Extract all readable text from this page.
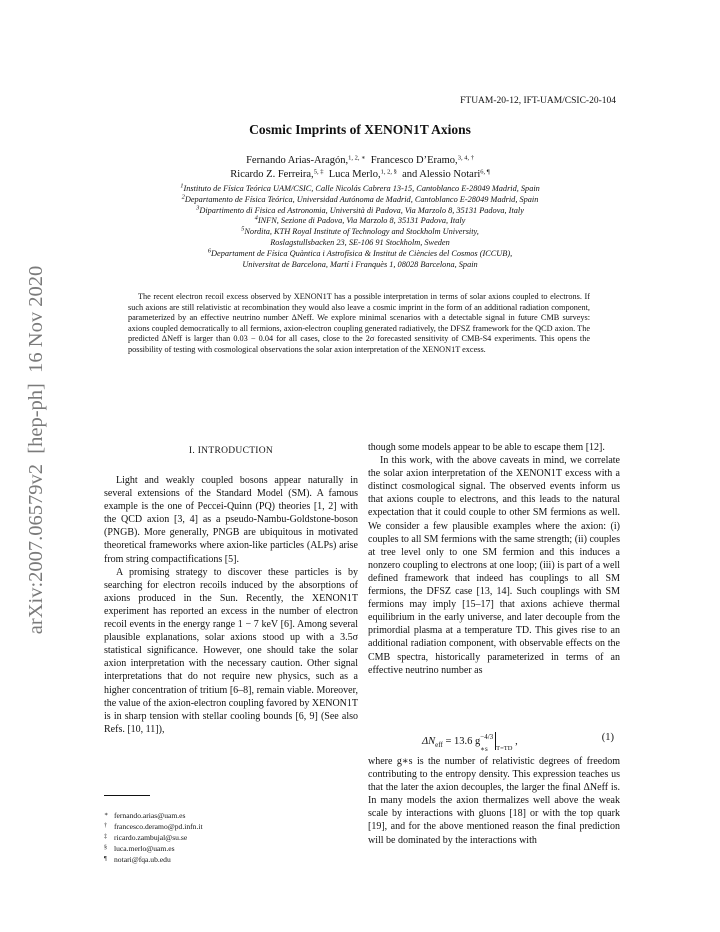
arXiv:2007.06579v2  [hep-ph]  16 Nov 2020
FTUAM-20-12, IFT-UAM/CSIC-20-104
Cosmic Imprints of XENON1T Axions
Fernando Arias-Aragón,$^{1, 2, ∗}$ Francesco D’Eramo,$^{3, 4, \dagger}$
Ricardo Z. Ferreira,$^{5, \ddagger}$ Luca Merlo,$^{1, 2, \S}$ and Alessio Notari$^{6, \P}$
$^1$Instituto de Física Teórica UAM/CSIC, Calle Nicolás Cabrera 13-15, Cantoblanco E-28049 Madrid, Spain
$^2$Departamento de Física Teórica, Universidad Autónoma de Madrid, Cantoblanco E-28049 Madrid, Spain
$^3$Dipartimento di Fisica ed Astronomia, Università di Padova, Via Marzolo 8, 35131 Padova, Italy
$^4$INFN, Sezione di Padova, Via Marzolo 8, 35131 Padova, Italy
$^5$Nordita, KTH Royal Institute of Technology and Stockholm University,
Roslagstullsbacken 23, SE-106 91 Stockholm, Sweden
$^6$Departament de Física Quàntica i Astrofísica & Institut de Ciències del Cosmos (ICCUB),
Universitat de Barcelona, Martí i Franquès 1, 08028 Barcelona, Spain
The recent electron recoil excess observed by XENON1T has a possible interpretation in terms of solar axions coupled to electrons. If such axions are still relativistic at recombination they would also leave a cosmic imprint in the form of an additional radiation component, parameterized by an effective neutrino number ΔNeff. We explore minimal scenarios with a detectable signal in future CMB surveys: axions coupled democratically to all fermions, axion-electron coupling generated radiatively, the DFSZ framework for the QCD axion. The predicted ΔNeff is larger than 0.03 − 0.04 for all cases, close to the 2σ forecasted sensitivity of CMB-S4 experiments. This opens the possibility of testing with cosmological observations the solar axion interpretation of the XENON1T excess.
I. INTRODUCTION

Light and weakly coupled bosons appear naturally in several extensions of the Standard Model (SM). A famous example is the one of Peccei-Quinn (PQ) theories [1, 2] with the QCD axion [3, 4] as a pseudo-Nambu-Goldstone-boson (PNGB). More generally, PNGB are ubiquitous in motivated theoretical frameworks where axion-like particles (ALPs) arise from string compactifications [5].

A promising strategy to discover these particles is by searching for electron recoils induced by the absorptions of axions produced in the Sun. Recently, the XENON1T experiment has reported an excess in the number of electron recoil events in the energy range 1 − 7 keV [6]. Among several plausible explanations, solar axions stood up with a 3.5σ statistical significance. However, one should take the solar axion interpretation with the necessary caution. Other signal interpretations that do not require new physics, such as a higher concentration of tritium [6–8], remain viable. Moreover, the value of the axion-electron coupling favored by XENON1T is in sharp tension with stellar cooling bounds [6, 9] (See also Refs. [10, 11]),

though some models appear to be able to escape them [12].

In this work, with the above caveats in mind, we correlate the solar axion interpretation of the XENON1T excess with a distinct cosmological signal. The observed events inform us that axions couple to electrons, and this leads to the natural expectation that it could couple to other SM fermions as well. We consider a few plausible examples where the axion: (i) couples to all SM fermions with the same strength; (ii) couples at tree level only to one SM fermion and this induces a nonzero coupling to electrons at one loop; (iii) is part of a well defined framework that indeed has couplings to all SM fermions, the DFSZ case [13, 14]. Such couplings with SM fermions may imply [15–17] that axions achieve thermal equilibrium in the early universe, and later decouple from the primordial plasma at a temperature TD. This gives rise to an additional radiation component, with observable effects on the CMB spectra, historically parameterized in terms of an effective neutrino number as

$\Delta N_{eff} = 13.6$ $g^{-4/3}$

∗s $_{T=TD}$ ,	(1)

where g∗s is the number of relativistic degrees of freedom contributing to the entropy density. This expression teaches us that the later the axion decouples, the larger the final ΔNeff is. In many models the axion thermalizes well above the weak scale by interactions with gluons [18] or with the top quark [19], and for the above mentioned reason the final prediction will be dominated by the interactions with

∗ fernando.arias@uam.es
† francesco.deramo@pd.infn.it
‡ ricardo.zambujal@su.se
§ luca.merlo@uam.es
¶ notari@fqa.ub.edu
